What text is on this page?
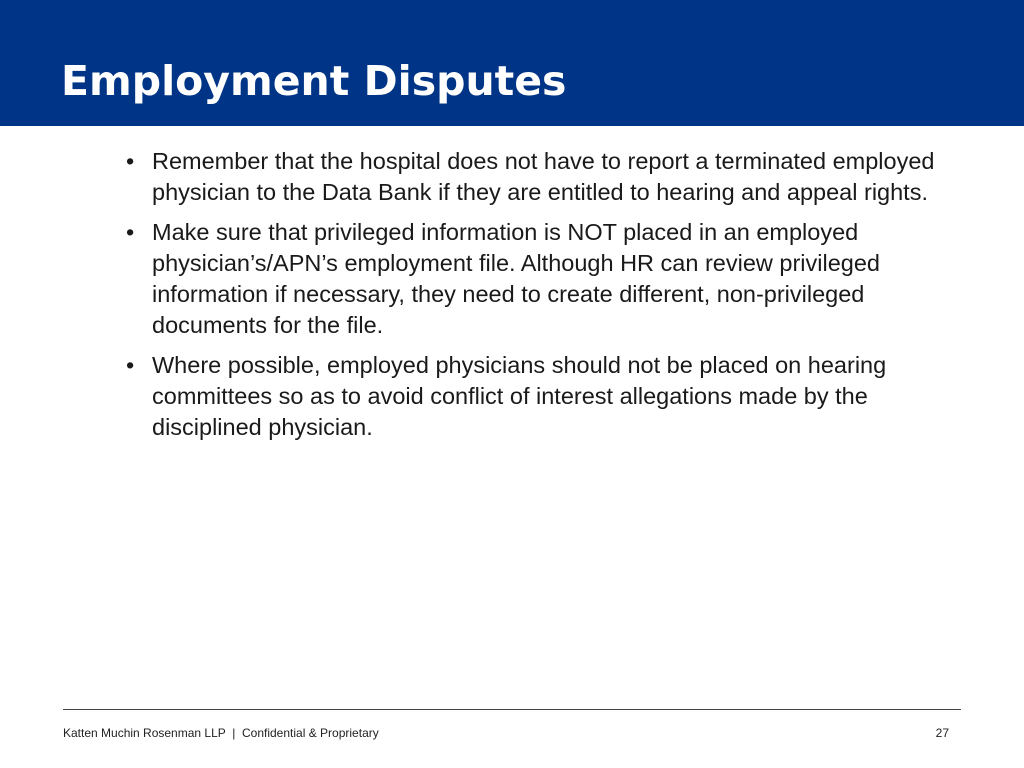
Employment Disputes
• Remember that the hospital does not have to report a terminated employed physician to the Data Bank if they are entitled to hearing and appeal rights.
• Make sure that privileged information is NOT placed in an employed physician’s/APN’s employment file. Although HR can review privileged information if necessary, they need to create different, non-privileged documents for the file.
• Where possible, employed physicians should not be placed on hearing committees so as to avoid conflict of interest allegations made by the disciplined physician.
Katten Muchin Rosenman LLP  |  Confidential & Proprietary	27
